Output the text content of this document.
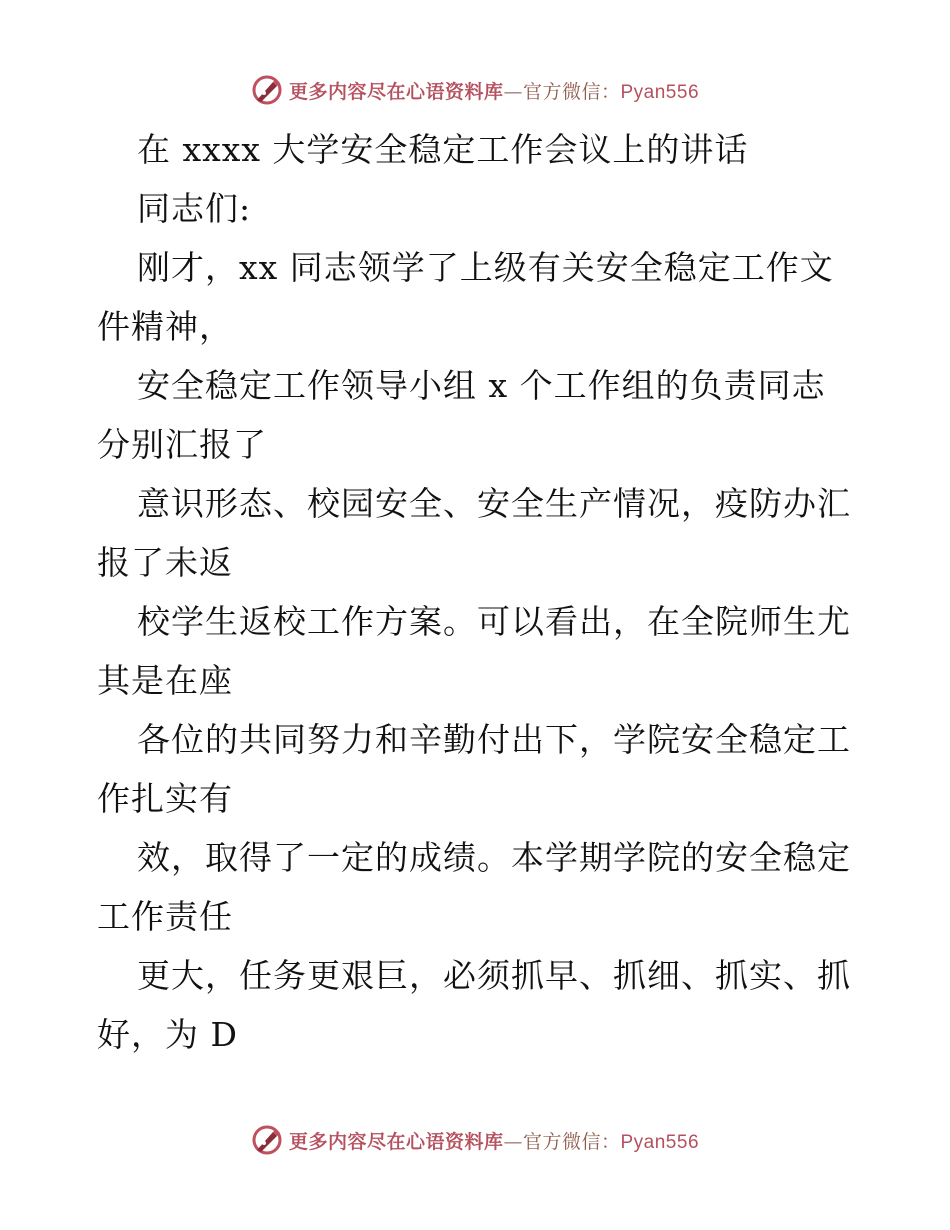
更多内容尽在心语资料库—官方微信：Pyan556
在 xxxx 大学安全稳定工作会议上的讲话
同志们:
刚才，xx 同志领学了上级有关安全稳定工作文
件精神，
安全稳定工作领导小组 x 个工作组的负责同志
分别汇报了
意识形态、校园安全、安全生产情况，疫防办汇
报了未返
校学生返校工作方案。可以看出，在全院师生尤
其是在座
各位的共同努力和辛勤付出下，学院安全稳定工
作扎实有
效，取得了一定的成绩。本学期学院的安全稳定
工作责任
更大，任务更艰巨，必须抓早、抓细、抓实、抓
好，为 D
更多内容尽在心语资料库—官方微信：Pyan556
